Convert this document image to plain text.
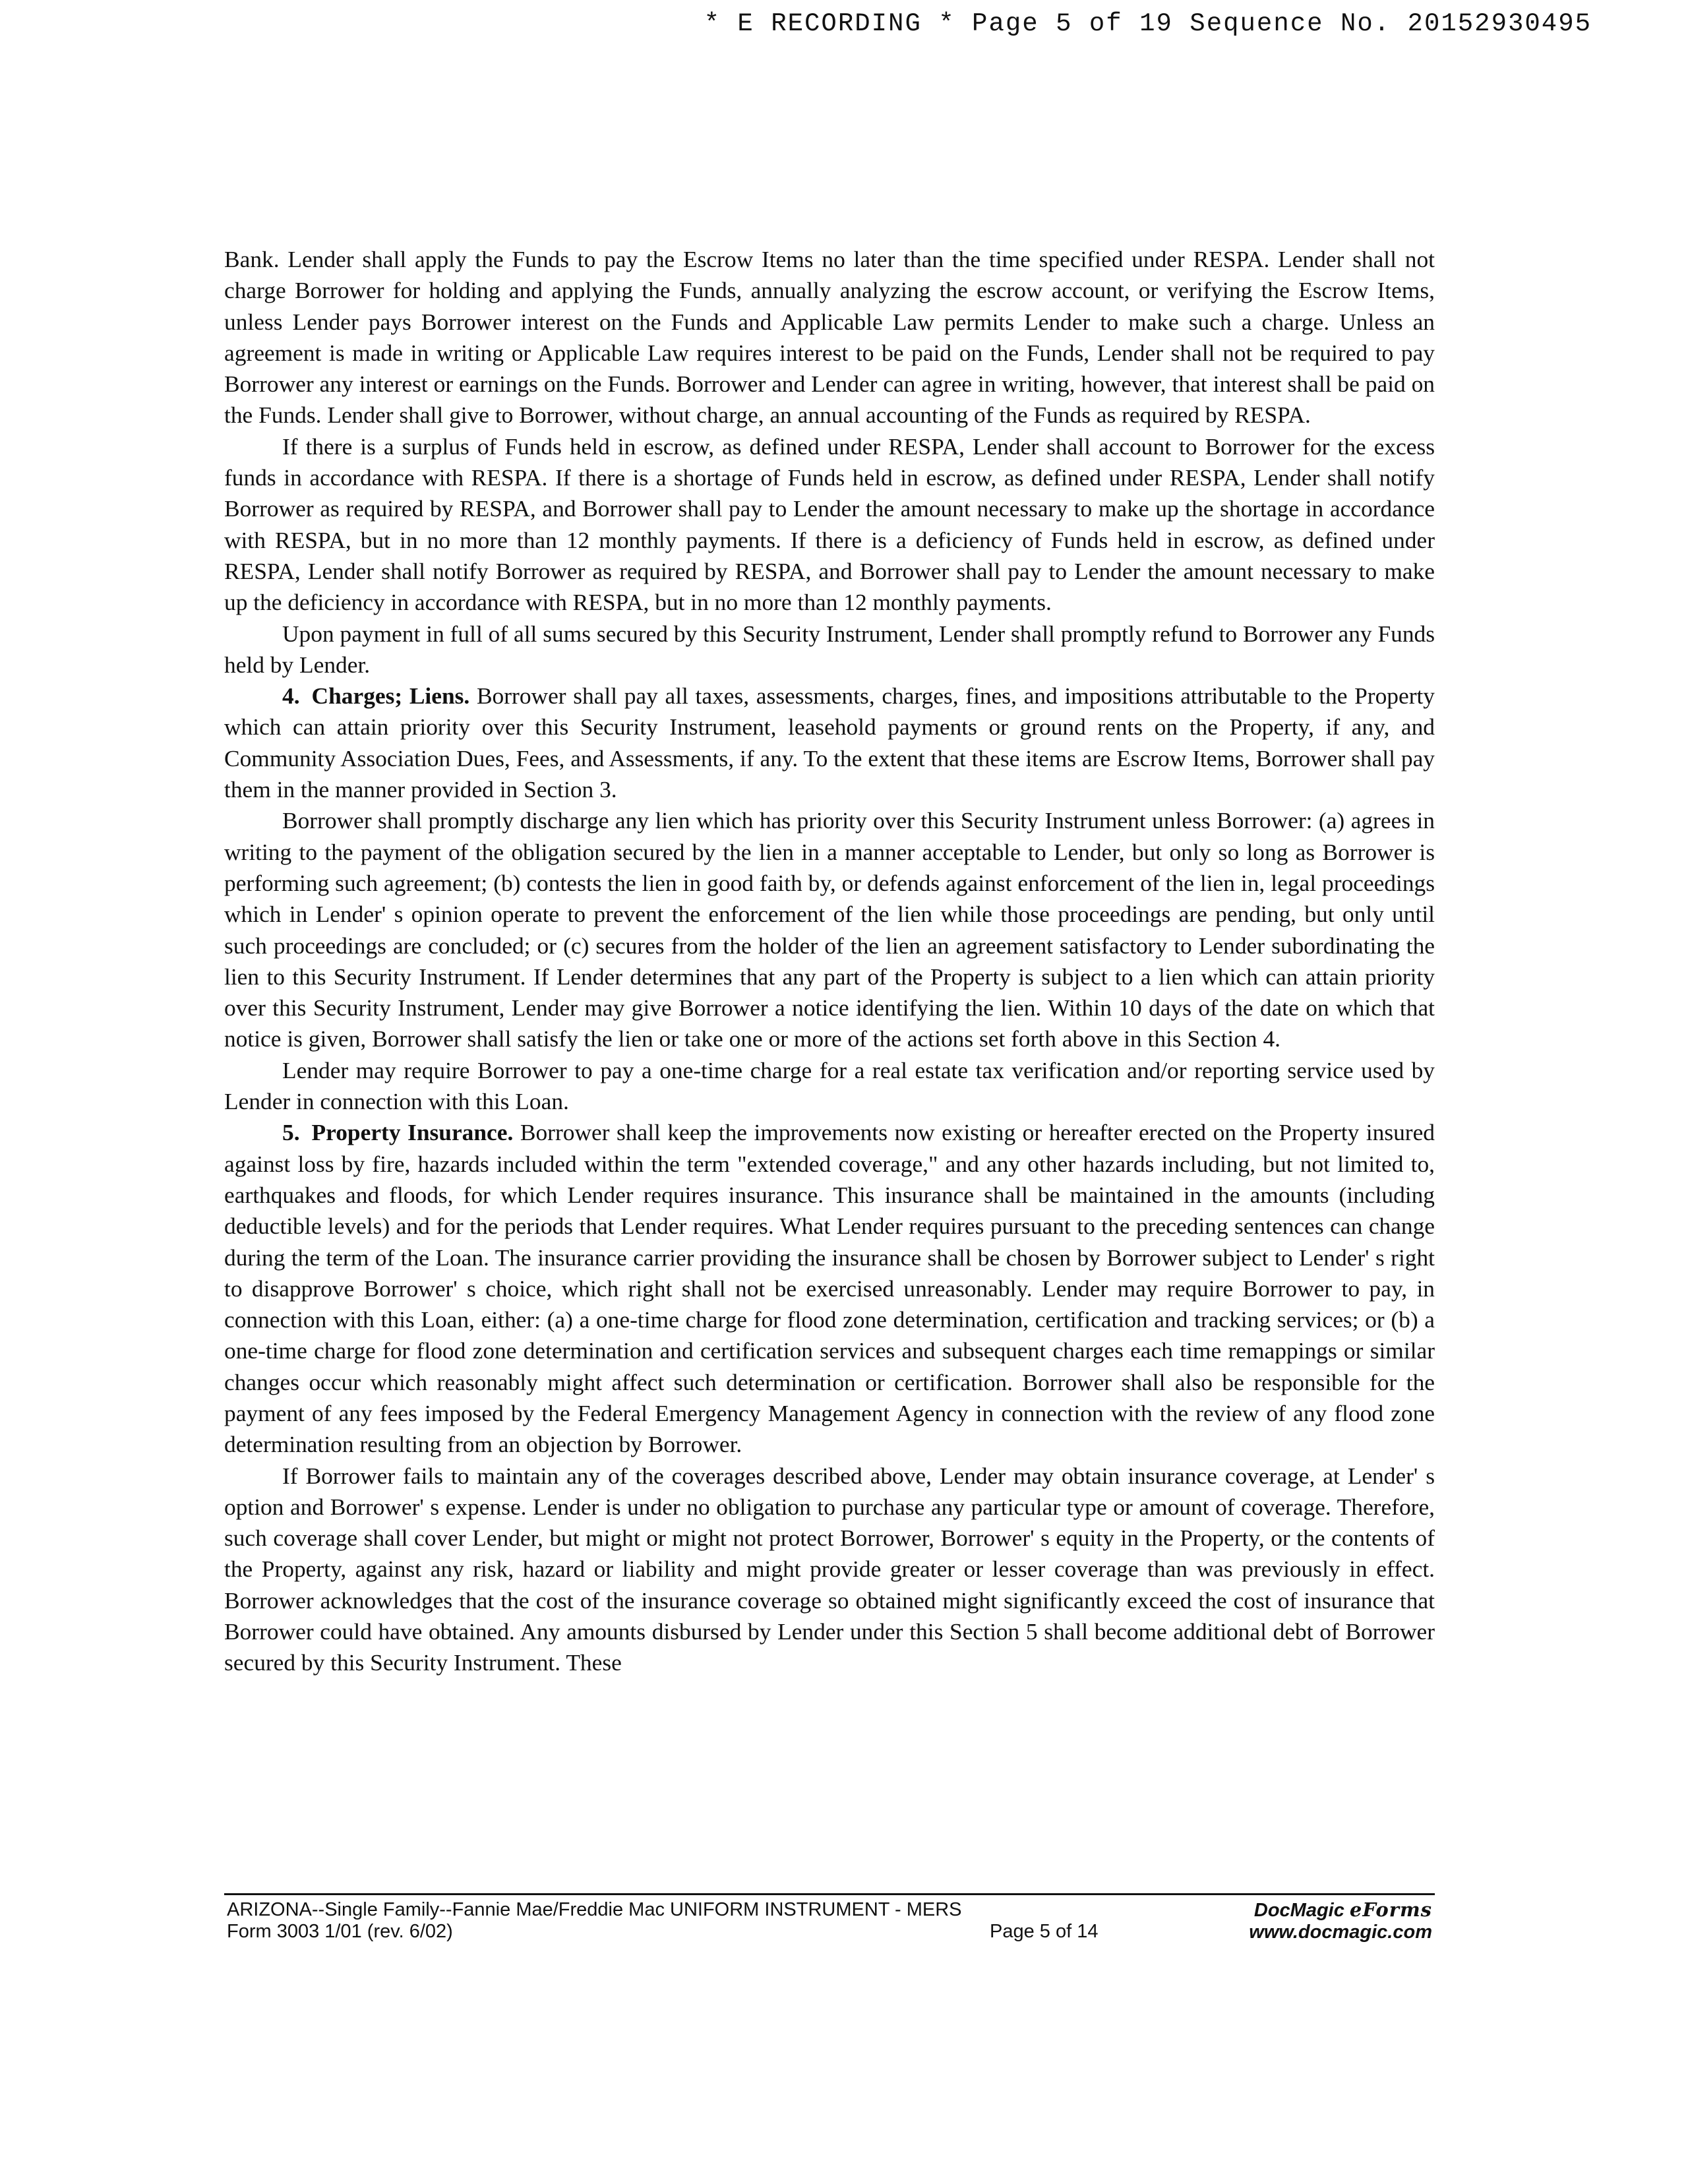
* E RECORDING * Page 5 of 19 Sequence No. 20152930495

Bank. Lender shall apply the Funds to pay the Escrow Items no later than the time specified under RESPA. Lender shall not charge Borrower for holding and applying the Funds, annually analyzing the escrow account, or verifying the Escrow Items, unless Lender pays Borrower interest on the Funds and Applicable Law permits Lender to make such a charge. Unless an agreement is made in writing or Applicable Law requires interest to be paid on the Funds, Lender shall not be required to pay Borrower any interest or earnings on the Funds. Borrower and Lender can agree in writing, however, that interest shall be paid on the Funds. Lender shall give to Borrower, without charge, an annual accounting of the Funds as required by RESPA.

If there is a surplus of Funds held in escrow, as defined under RESPA, Lender shall account to Borrower for the excess funds in accordance with RESPA. If there is a shortage of Funds held in escrow, as defined under RESPA, Lender shall notify Borrower as required by RESPA, and Borrower shall pay to Lender the amount necessary to make up the shortage in accordance with RESPA, but in no more than 12 monthly payments. If there is a deficiency of Funds held in escrow, as defined under RESPA, Lender shall notify Borrower as required by RESPA, and Borrower shall pay to Lender the amount necessary to make up the deficiency in accordance with RESPA, but in no more than 12 monthly payments.

Upon payment in full of all sums secured by this Security Instrument, Lender shall promptly refund to Borrower any Funds held by Lender.

4. Charges; Liens. Borrower shall pay all taxes, assessments, charges, fines, and impositions attributable to the Property which can attain priority over this Security Instrument, leasehold payments or ground rents on the Property, if any, and Community Association Dues, Fees, and Assessments, if any. To the extent that these items are Escrow Items, Borrower shall pay them in the manner provided in Section 3.

Borrower shall promptly discharge any lien which has priority over this Security Instrument unless Borrower: (a) agrees in writing to the payment of the obligation secured by the lien in a manner acceptable to Lender, but only so long as Borrower is performing such agreement; (b) contests the lien in good faith by, or defends against enforcement of the lien in, legal proceedings which in Lender' s opinion operate to prevent the enforcement of the lien while those proceedings are pending, but only until such proceedings are concluded; or (c) secures from the holder of the lien an agreement satisfactory to Lender subordinating the lien to this Security Instrument. If Lender determines that any part of the Property is subject to a lien which can attain priority over this Security Instrument, Lender may give Borrower a notice identifying the lien. Within 10 days of the date on which that notice is given, Borrower shall satisfy the lien or take one or more of the actions set forth above in this Section 4.

Lender may require Borrower to pay a one-time charge for a real estate tax verification and/or reporting service used by Lender in connection with this Loan.

5. Property Insurance. Borrower shall keep the improvements now existing or hereafter erected on the Property insured against loss by fire, hazards included within the term "extended coverage," and any other hazards including, but not limited to, earthquakes and floods, for which Lender requires insurance. This insurance shall be maintained in the amounts (including deductible levels) and for the periods that Lender requires. What Lender requires pursuant to the preceding sentences can change during the term of the Loan. The insurance carrier providing the insurance shall be chosen by Borrower subject to Lender' s right to disapprove Borrower' s choice, which right shall not be exercised unreasonably. Lender may require Borrower to pay, in connection with this Loan, either: (a) a one-time charge for flood zone determination, certification and tracking services; or (b) a one-time charge for flood zone determination and certification services and subsequent charges each time remappings or similar changes occur which reasonably might affect such determination or certification. Borrower shall also be responsible for the payment of any fees imposed by the Federal Emergency Management Agency in connection with the review of any flood zone determination resulting from an objection by Borrower.

If Borrower fails to maintain any of the coverages described above, Lender may obtain insurance coverage, at Lender' s option and Borrower' s expense. Lender is under no obligation to purchase any particular type or amount of coverage. Therefore, such coverage shall cover Lender, but might or might not protect Borrower, Borrower' s equity in the Property, or the contents of the Property, against any risk, hazard or liability and might provide greater or lesser coverage than was previously in effect. Borrower acknowledges that the cost of the insurance coverage so obtained might significantly exceed the cost of insurance that Borrower could have obtained. Any amounts disbursed by Lender under this Section 5 shall become additional debt of Borrower secured by this Security Instrument. These

ARIZONA--Single Family--Fannie Mae/Freddie Mac UNIFORM INSTRUMENT - MERS
Form 3003 1/01 (rev. 6/02)	Page 5 of 14
DocMagic eForms
www.docmagic.com
